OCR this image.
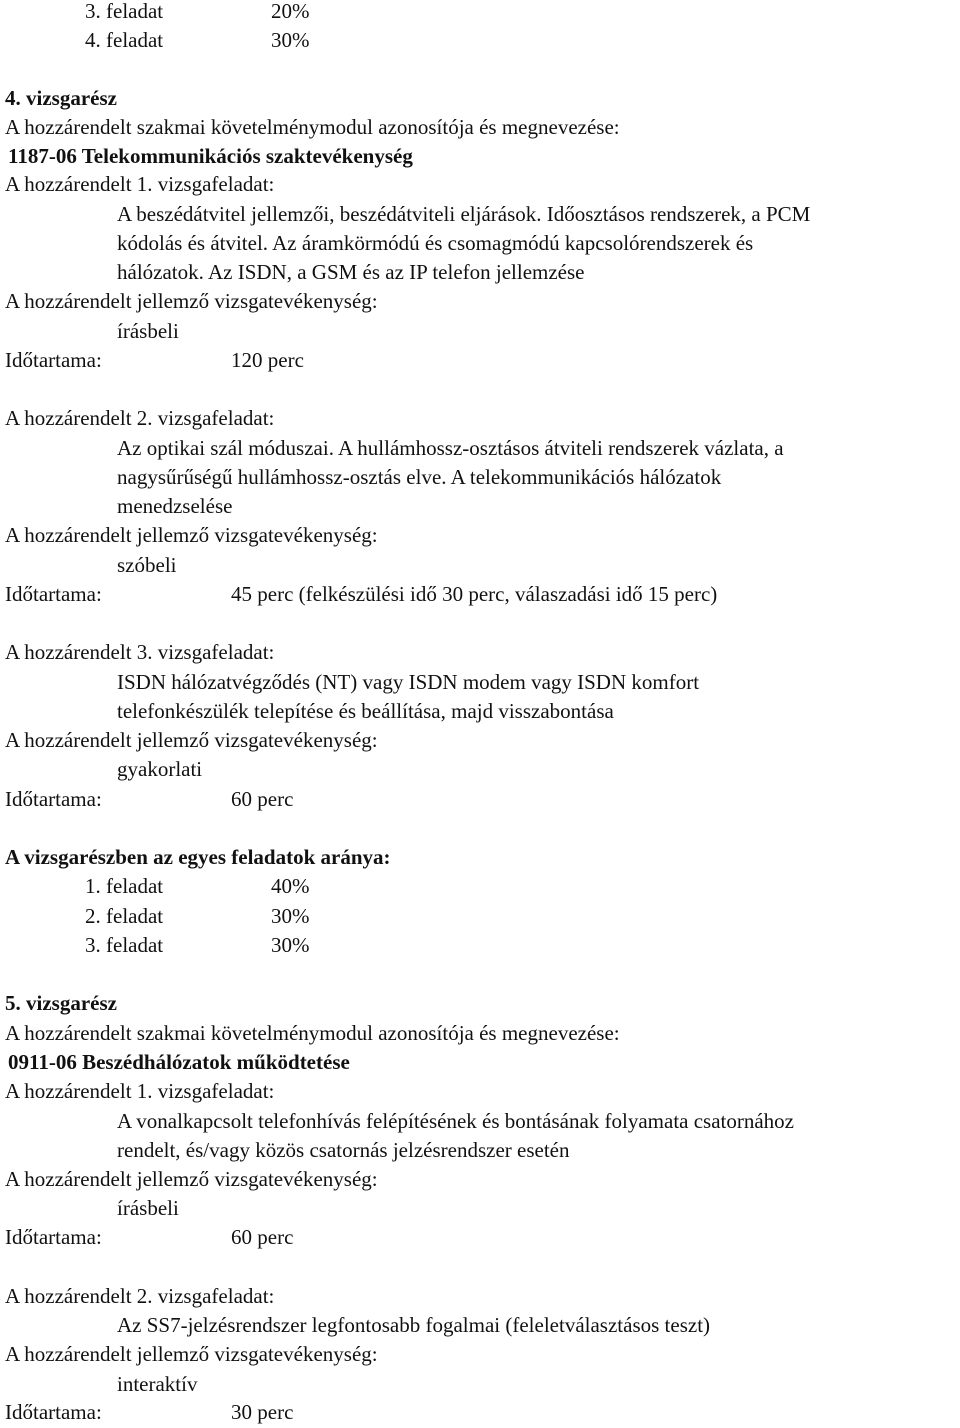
3. feladat	20%
4. feladat	30%
4. vizsgarész
A hozzárendelt szakmai követelménymodul azonosítója és megnevezése:
1187-06 Telekommunikációs szaktevékenység
A hozzárendelt 1. vizsgafeladat:
A beszédátvitel jellemzői, beszédátviteli eljárások. Időosztásos rendszerek, a PCM
kódolás és átvitel. Az áramkörmódú és csomagmódú kapcsolórendszerek és
hálózatok. Az ISDN, a GSM és az IP telefon jellemzése
A hozzárendelt jellemző vizsgatevékenység:
írásbeli
Időtartama:	120 perc
A hozzárendelt 2. vizsgafeladat:
Az optikai szál móduszai. A hullámhossz-osztásos átviteli rendszerek vázlata, a
nagysűrűségű hullámhossz-osztás elve. A telekommunikációs hálózatok
menedzselése
A hozzárendelt jellemző vizsgatevékenység:
szóbeli
Időtartama:	45 perc (felkészülési idő 30 perc, válaszadási idő 15 perc)
A hozzárendelt 3. vizsgafeladat:
ISDN hálózatvégződés (NT) vagy ISDN modem vagy ISDN komfort
telefonkészülék telepítése és beállítása, majd visszabontása
A hozzárendelt jellemző vizsgatevékenység:
gyakorlati
Időtartama:	60 perc
A vizsgarészben az egyes feladatok aránya:
1. feladat	40%
2. feladat	30%
3. feladat	30%
5. vizsgarész
A hozzárendelt szakmai követelménymodul azonosítója és megnevezése:
0911-06 Beszédhálózatok működtetése
A hozzárendelt 1. vizsgafeladat:
A vonalkapcsolt telefonhívás felépítésének és bontásának folyamata csatornához
rendelt, és/vagy közös csatornás jelzésrendszer esetén
A hozzárendelt jellemző vizsgatevékenység:
írásbeli
Időtartama:	60 perc
A hozzárendelt 2. vizsgafeladat:
Az SS7-jelzésrendszer legfontosabb fogalmai (feleletválasztásos teszt)
A hozzárendelt jellemző vizsgatevékenység:
interaktív
Időtartama:	30 perc
